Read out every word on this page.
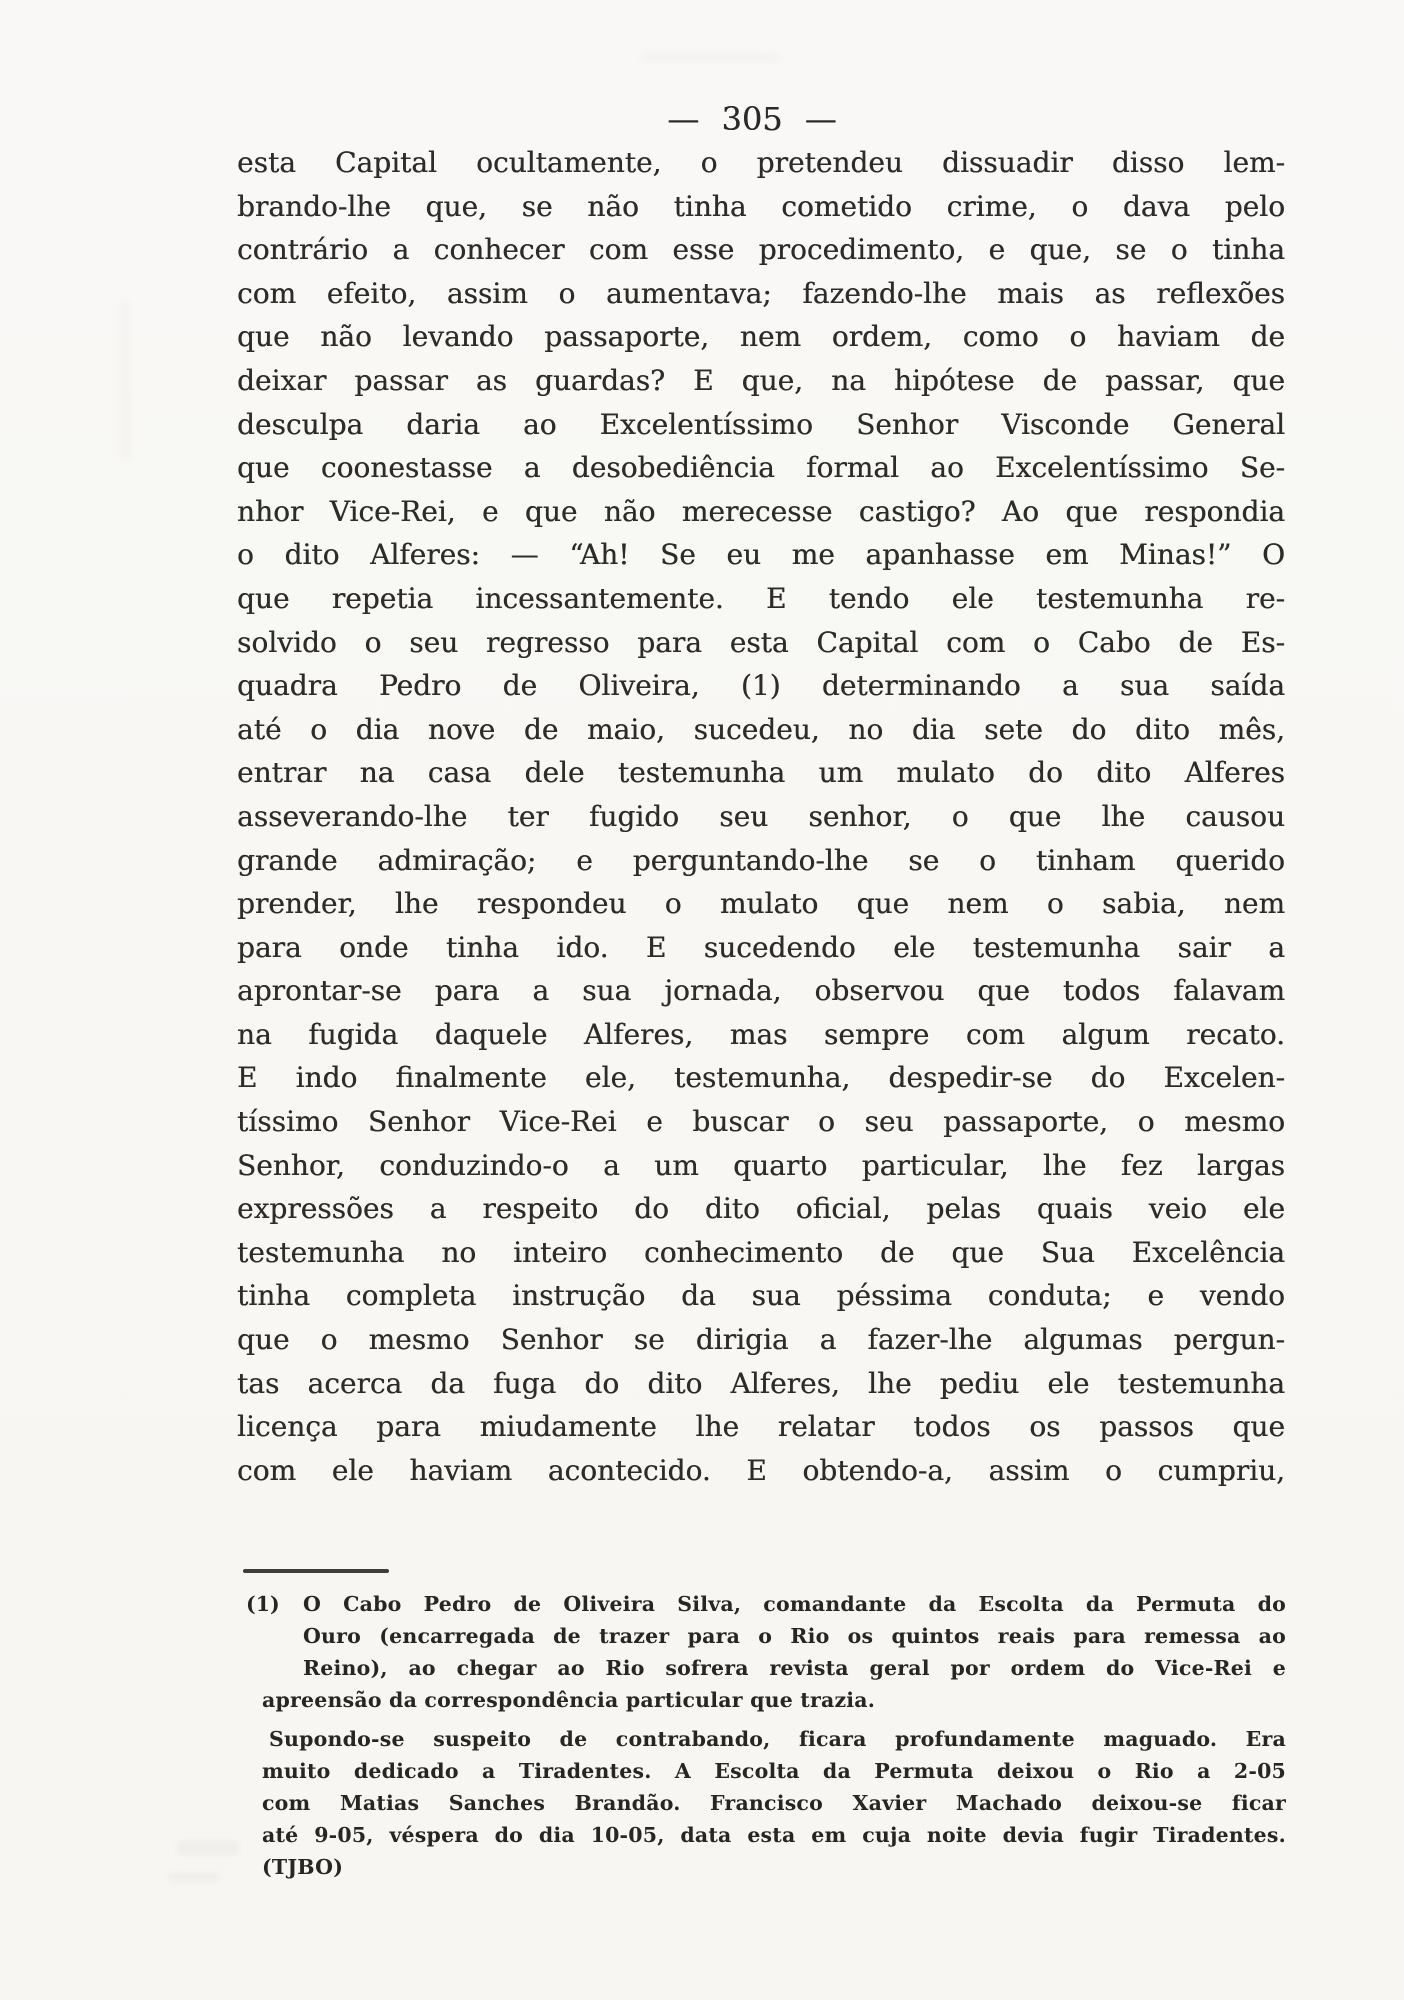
— 305 —
esta Capital ocultamente, o pretendeu dissuadir disso lem-
brando-lhe que, se não tinha cometido crime, o dava pelo
contrário a conhecer com esse procedimento, e que, se o tinha
com efeito, assim o aumentava; fazendo-lhe mais as reflexões
que não levando passaporte, nem ordem, como o haviam de
deixar passar as guardas? E que, na hipótese de passar, que
desculpa daria ao Excelentíssimo Senhor Visconde General
que coonestasse a desobediência formal ao Excelentíssimo Se-
nhor Vice-Rei, e que não merecesse castigo? Ao que respondia
o dito Alferes: — “Ah! Se eu me apanhasse em Minas!” O
que repetia incessantemente. E tendo ele testemunha re-
solvido o seu regresso para esta Capital com o Cabo de Es-
quadra Pedro de Oliveira, (1) determinando a sua saída
até o dia nove de maio, sucedeu, no dia sete do dito mês,
entrar na casa dele testemunha um mulato do dito Alferes
asseverando-lhe ter fugido seu senhor, o que lhe causou
grande admiração; e perguntando-lhe se o tinham querido
prender, lhe respondeu o mulato que nem o sabia, nem
para onde tinha ido. E sucedendo ele testemunha sair a
aprontar-se para a sua jornada, observou que todos falavam
na fugida daquele Alferes, mas sempre com algum recato.
E indo finalmente ele, testemunha, despedir-se do Excelen-
tíssimo Senhor Vice-Rei e buscar o seu passaporte, o mesmo
Senhor, conduzindo-o a um quarto particular, lhe fez largas
expressões a respeito do dito oficial, pelas quais veio ele
testemunha no inteiro conhecimento de que Sua Excelência
tinha completa instrução da sua péssima conduta; e vendo
que o mesmo Senhor se dirigia a fazer-lhe algumas pergun-
tas acerca da fuga do dito Alferes, lhe pediu ele testemunha
licença para miudamente lhe relatar todos os passos que
com ele haviam acontecido. E obtendo-a, assim o cumpriu,
(1) O Cabo Pedro de Oliveira Silva, comandante da Escolta da Permuta do
Ouro (encarregada de trazer para o Rio os quintos reais para remessa ao
Reino), ao chegar ao Rio sofrera revista geral por ordem do Vice-Rei e
apreensão da correspondência particular que trazia.
Supondo-se suspeito de contrabando, ficara profundamente maguado. Era
muito dedicado a Tiradentes. A Escolta da Permuta deixou o Rio a 2-05
com Matias Sanches Brandão. Francisco Xavier Machado deixou-se ficar
até 9-05, véspera do dia 10-05, data esta em cuja noite devia fugir Tiradentes.
(TJBO)
